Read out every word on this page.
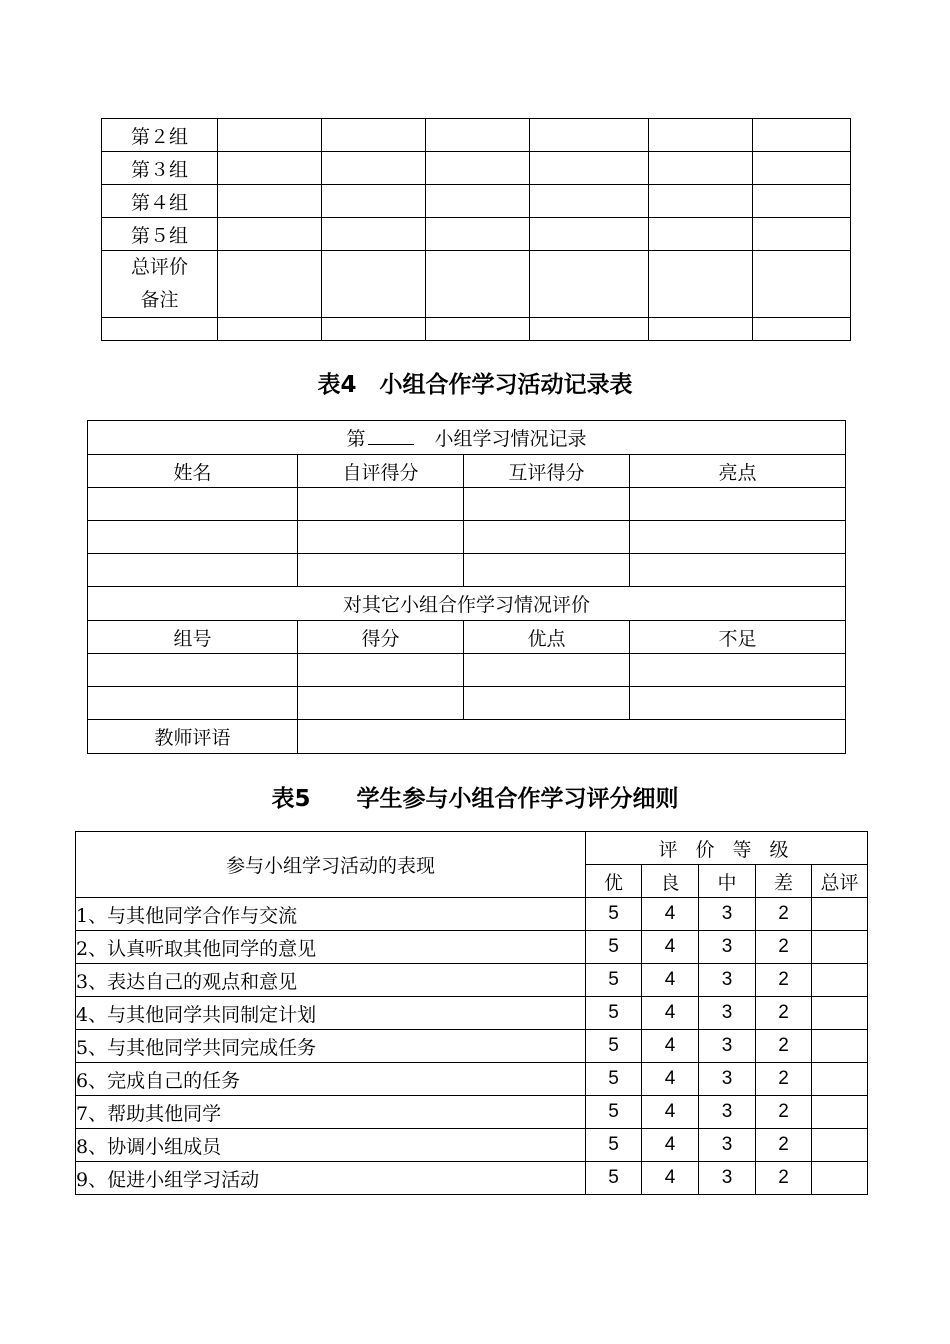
第２组						
第３组						
第４组						
第５组						

总评价
备注						

表4　小组合作学习活动记录表
第　 小组学习情况记录			
姓名	自评得分	互评得分	亮点

对其它小组合作学习情况评价			
组号	得分	优点	不足

教师评语			
表5　　学生参与小组合作学习评分细则
参与小组学习活动的表现	评 价 等 级				
	优	良	中	差	总评
1、与其他同学合作与交流	5	4	3	2	
2、认真听取其他同学的意见	5	4	3	2	
3、表达自己的观点和意见	5	4	3	2	
4、与其他同学共同制定计划	5	4	3	2	
5、与其他同学共同完成任务	5	4	3	2	
6、完成自己的任务	5	4	3	2	
7、帮助其他同学	5	4	3	2	
8、协调小组成员	5	4	3	2	
9、促进小组学习活动	5	4	3	2	
